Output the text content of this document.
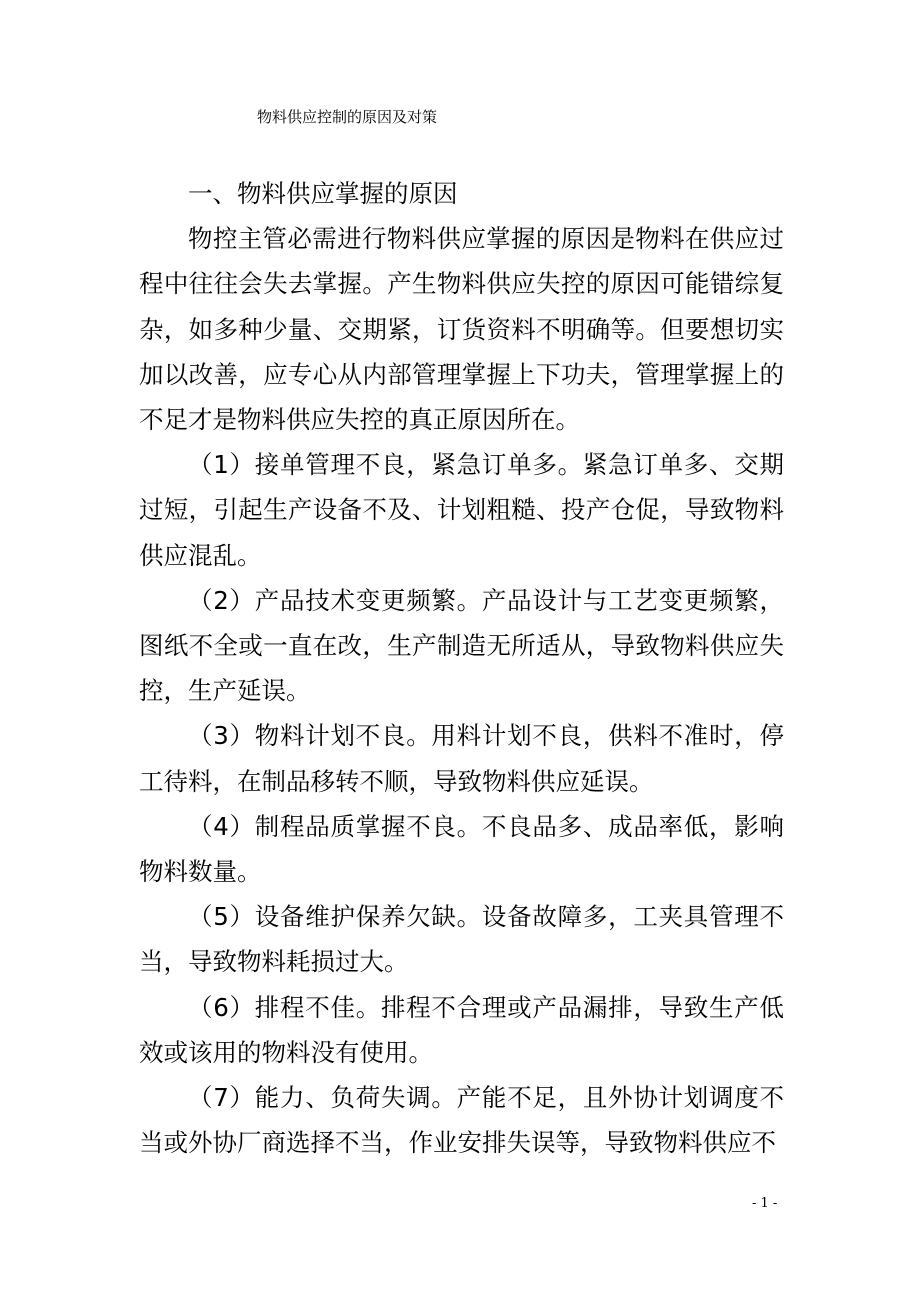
物料供应控制的原因及对策

一、物料供应掌握的原因

物控主管必需进行物料供应掌握的原因是物料在供应过程中往往会失去掌握。产生物料供应失控的原因可能错综复杂，如多种少量、交期紧，订货资料不明确等。但要想切实加以改善，应专心从内部管理掌握上下功夫，管理掌握上的不足才是物料供应失控的真正原因所在。

（1）接单管理不良，紧急订单多。紧急订单多、交期过短，引起生产设备不及、计划粗糙、投产仓促，导致物料供应混乱。

（2）产品技术变更频繁。产品设计与工艺变更频繁，图纸不全或一直在改，生产制造无所适从，导致物料供应失控，生产延误。

（3）物料计划不良。用料计划不良，供料不准时，停工待料，在制品移转不顺，导致物料供应延误。

（4）制程品质掌握不良。不良品多、成品率低，影响物料数量。

（5）设备维护保养欠缺。设备故障多，工夹具管理不当，导致物料耗损过大。

（6）排程不佳。排程不合理或产品漏排，导致生产低效或该用的物料没有使用。

（7）能力、负荷失调。产能不足，且外协计划调度不当或外协厂商选择不当，作业安排失误等，导致物料供应不

- 1 -
